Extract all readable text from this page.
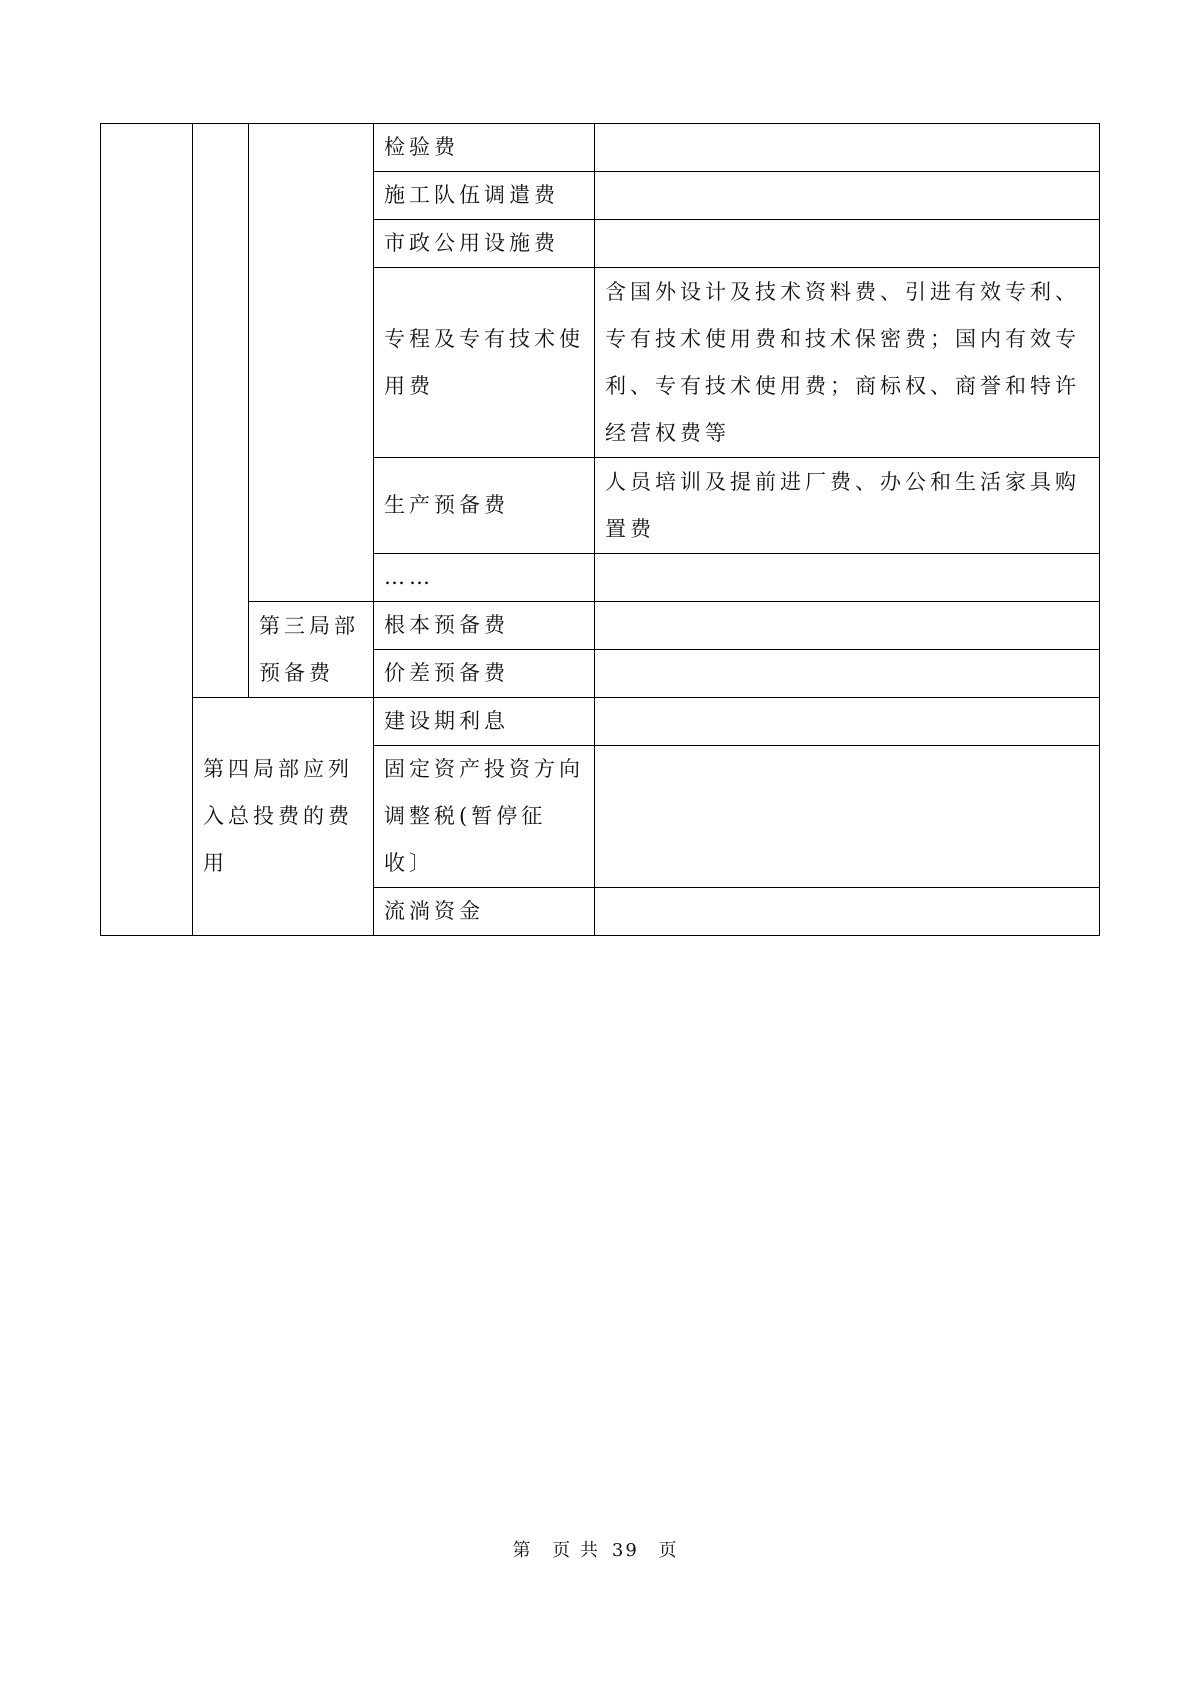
			检验费	
			施工队伍调遣费	
			市政公用设施费	
			专程及专有技术使用费	含国外设计及技术资料费、引进有效专利、专有技术使用费和技术保密费；国内有效专利、专有技术使用费；商标权、商誉和特许经营权费等
			生产预备费	人员培训及提前进厂费、办公和生活家具购置费
			……	
		第三局部预备费	根本预备费	
			价差预备费	
	第四局部应列入总投费的费用		建设期利息	
			固定资产投资方向调整税(暂停征收〕	
			流淌资金	
第 页 共 39 页
